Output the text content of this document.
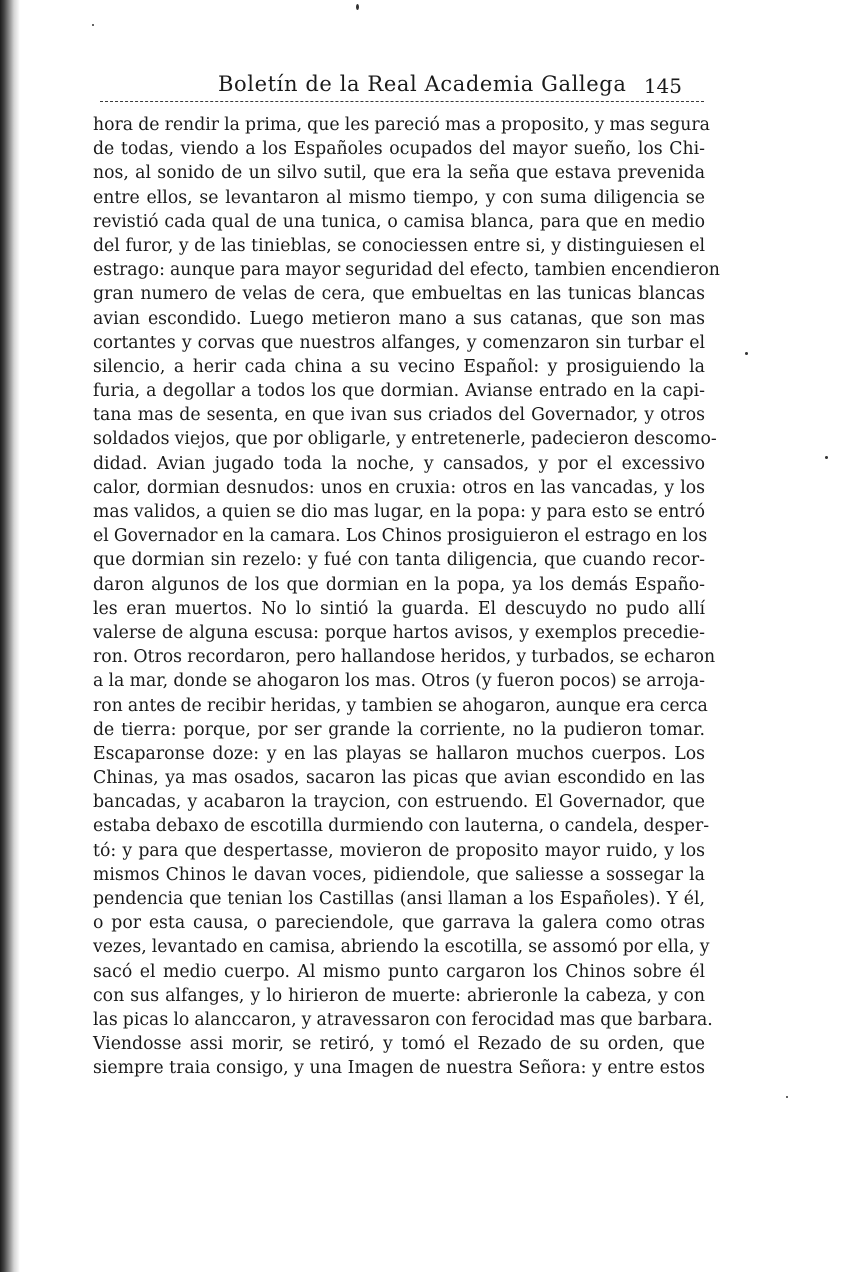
Boletín de la Real Academia Gallega 145
hora de rendir la prima, que les pareció mas a proposito, y mas segura
de todas, viendo a los Españoles ocupados del mayor sueño, los Chi-
nos, al sonido de un silvo sutil, que era la seña que estava prevenida
entre ellos, se levantaron al mismo tiempo, y con suma diligencia se
revistió cada qual de una tunica, o camisa blanca, para que en medio
del furor, y de las tinieblas, se conociessen entre si, y distinguiesen el
estrago: aunque para mayor seguridad del efecto, tambien encendieron
gran numero de velas de cera, que embueltas en las tunicas blancas
avian escondido. Luego metieron mano a sus catanas, que son mas
cortantes y corvas que nuestros alfanges, y comenzaron sin turbar el
silencio, a herir cada china a su vecino Español: y prosiguiendo la
furia, a degollar a todos los que dormian. Avianse entrado en la capi-
tana mas de sesenta, en que ivan sus criados del Governador, y otros
soldados viejos, que por obligarle, y entretenerle, padecieron descomo-
didad. Avian jugado toda la noche, y cansados, y por el excessivo
calor, dormian desnudos: unos en cruxia: otros en las vancadas, y los
mas validos, a quien se dio mas lugar, en la popa: y para esto se entró
el Governador en la camara. Los Chinos prosiguieron el estrago en los
que dormian sin rezelo: y fué con tanta diligencia, que cuando recor-
daron algunos de los que dormian en la popa, ya los demás Españo-
les eran muertos. No lo sintió la guarda. El descuydo no pudo allí
valerse de alguna escusa: porque hartos avisos, y exemplos precedie-
ron. Otros recordaron, pero hallandose heridos, y turbados, se echaron
a la mar, donde se ahogaron los mas. Otros (y fueron pocos) se arroja-
ron antes de recibir heridas, y tambien se ahogaron, aunque era cerca
de tierra: porque, por ser grande la corriente, no la pudieron tomar.
Escaparonse doze: y en las playas se hallaron muchos cuerpos. Los
Chinas, ya mas osados, sacaron las picas que avian escondido en las
bancadas, y acabaron la traycion, con estruendo. El Governador, que
estaba debaxo de escotilla durmiendo con lauterna, o candela, desper-
tó: y para que despertasse, movieron de proposito mayor ruido, y los
mismos Chinos le davan voces, pidiendole, que saliesse a sossegar la
pendencia que tenian los Castillas (ansi llaman a los Españoles). Y él,
o por esta causa, o pareciendole, que garrava la galera como otras
vezes, levantado en camisa, abriendo la escotilla, se assomó por ella, y
sacó el medio cuerpo. Al mismo punto cargaron los Chinos sobre él
con sus alfanges, y lo hirieron de muerte: abrieronle la cabeza, y con
las picas lo alanccaron, y atravessaron con ferocidad mas que barbara.
Viendosse assi morir, se retiró, y tomó el Rezado de su orden, que
siempre traia consigo, y una Imagen de nuestra Señora: y entre estos
